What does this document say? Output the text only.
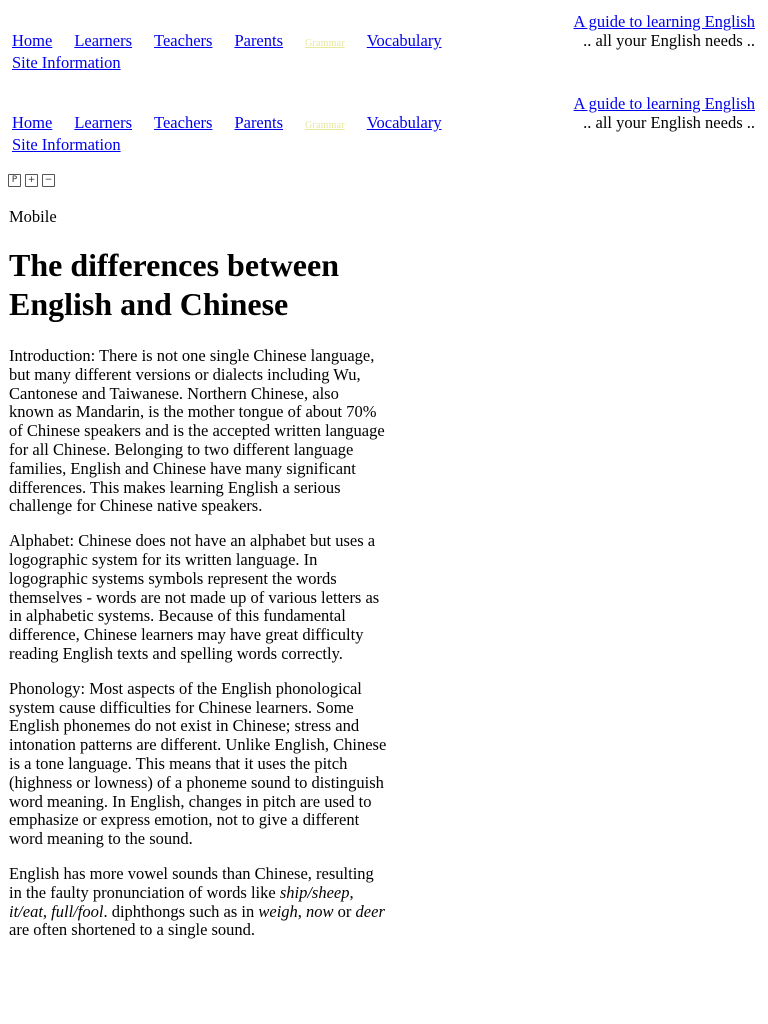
Home Learners Teachers Parents Grammar Vocabulary Site Information
A guide to learning English
.. all your English needs ..
Home Learners Teachers Parents Grammar Vocabulary Site Information
A guide to learning English
.. all your English needs ..
P	+	−
Mobile
The differences between English and Chinese

Introduction: There is not one single Chinese language, but many different versions or dialects including Wu, Cantonese and Taiwanese. Northern Chinese, also known as Mandarin, is the mother tongue of about 70% of Chinese speakers and is the accepted written language for all Chinese. Belonging to two different language families, English and Chinese have many significant differences. This makes learning English a serious challenge for Chinese native speakers.

Alphabet: Chinese does not have an alphabet but uses a logographic system for its written language. In logographic systems symbols represent the words themselves - words are not made up of various letters as in alphabetic systems. Because of this fundamental difference, Chinese learners may have great difficulty reading English texts and spelling words correctly.

Phonology: Most aspects of the English phonological system cause difficulties for Chinese learners. Some English phonemes do not exist in Chinese; stress and intonation patterns are different. Unlike English, Chinese is a tone language. This means that it uses the pitch (highness or lowness) of a phoneme sound to distinguish word meaning. In English, changes in pitch are used to emphasize or express emotion, not to give a different word meaning to the sound.

English has more vowel sounds than Chinese, resulting in the faulty pronunciation of words like ship/sheep, it/eat, full/fool. diphthongs such as in weigh, now or deer are often shortened to a single sound.
